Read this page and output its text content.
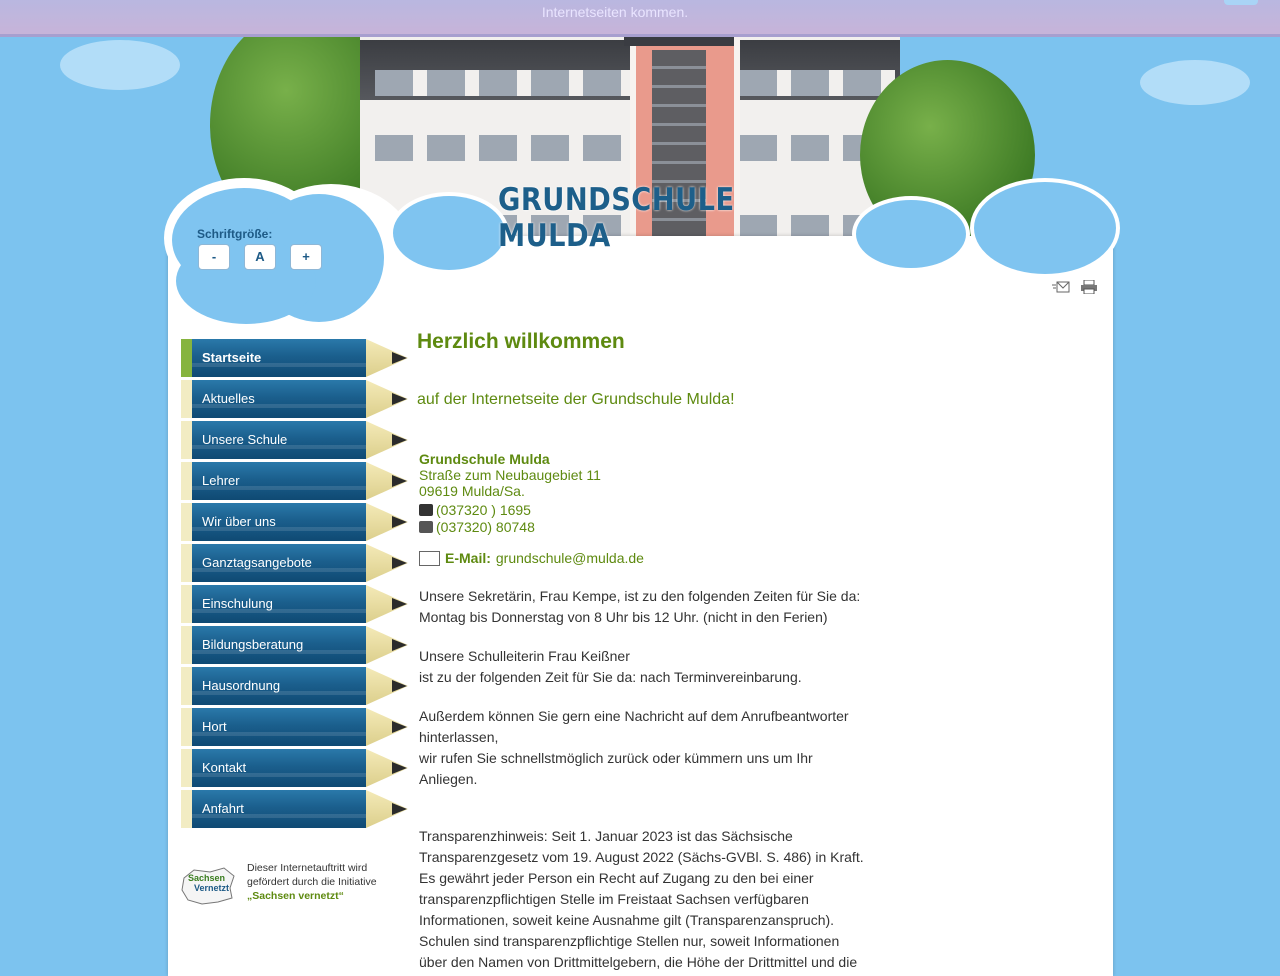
Internetseiten kommen.
GRUNDSCHULE MULDA
Schriftgröße:
-	A	+
Startseite
Aktuelles
Unsere Schule
Lehrer
Wir über uns
Ganztagsangebote
Einschulung
Bildungsberatung
Hausordnung
Hort
Kontakt
Anfahrt
Sachsen
Vernetzt
Dieser Internetauftritt wird
gefördert durch die Initiative
„Sachsen vernetzt“
Herzlich willkommen
auf der Internetseite der Grundschule Mulda!
Grundschule Mulda
Straße zum Neubaugebiet 11
09619 Mulda/Sa.
(037320 ) 1695
(037320) 80748
E-Mail: grundschule@mulda.de
Unsere Sekretärin, Frau Kempe, ist zu den folgenden Zeiten für Sie da:
Montag bis Donnerstag von 8 Uhr bis 12 Uhr. (nicht in den Ferien)
Unsere Schulleiterin Frau Keißner
ist zu der folgenden Zeit für Sie da: nach Terminvereinbarung.
Außerdem können Sie gern eine Nachricht auf dem Anrufbeantworter
hinterlassen,
wir rufen Sie schnellstmöglich zurück oder kümmern uns um Ihr
Anliegen.
Transparenzhinweis: Seit 1. Januar 2023 ist das Sächsische
Transparenzgesetz vom 19. August 2022 (Sächs-GVBl. S. 486) in Kraft.
Es gewährt jeder Person ein Recht auf Zugang zu den bei einer
transparenzpflichtigen Stelle im Freistaat Sachsen verfügbaren
Informationen, soweit keine Ausnahme gilt (Transparenzanspruch).
Schulen sind transparenzpflichtige Stellen nur, soweit Informationen
über den Namen von Drittmittelgebern, die Höhe der Drittmittel und die
